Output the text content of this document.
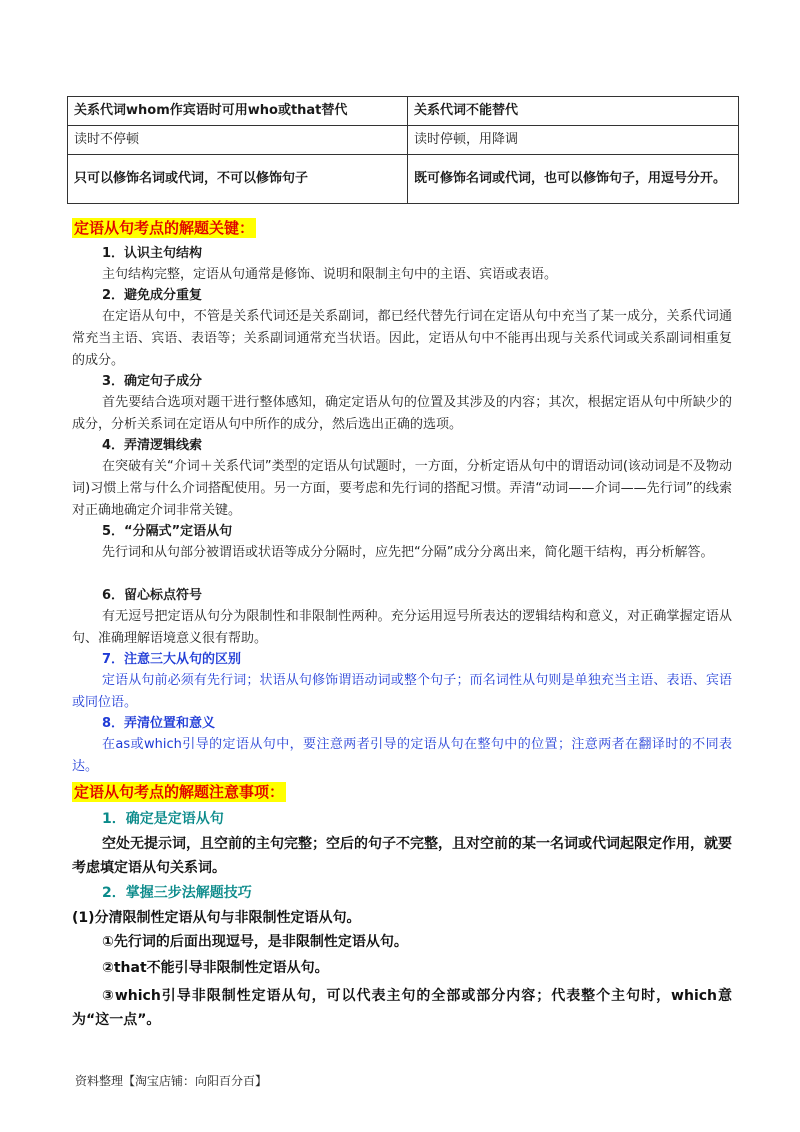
关系代词whom作宾语时可用who或that替代	关系代词不能替代
读时不停顿	读时停顿，用降调
只可以修饰名词或代词，不可以修饰句子	既可修饰名词或代词，也可以修饰句子，用逗号分开。
定语从句考点的解题关键：
1．认识主句结构
主句结构完整，定语从句通常是修饰、说明和限制主句中的主语、宾语或表语。
2．避免成分重复
在定语从句中，不管是关系代词还是关系副词，都已经代替先行词在定语从句中充当了某一成分，关系代词通常充当主语、宾语、表语等；关系副词通常充当状语。因此，定语从句中不能再出现与关系代词或关系副词相重复的成分。
3．确定句子成分
首先要结合选项对题干进行整体感知，确定定语从句的位置及其涉及的内容；其次，根据定语从句中所缺少的成分，分析关系词在定语从句中所作的成分，然后选出正确的选项。
4．弄清逻辑线索
在突破有关“介词＋关系代词”类型的定语从句试题时，一方面，分析定语从句中的谓语动词(该动词是不及物动词)习惯上常与什么介词搭配使用。另一方面，要考虑和先行词的搭配习惯。弄清“动词——介词——先行词”的线索对正确地确定介词非常关键。
5．“分隔式”定语从句
先行词和从句部分被谓语或状语等成分分隔时，应先把“分隔”成分分离出来，简化题干结构，再分析解答。
6．留心标点符号
有无逗号把定语从句分为限制性和非限制性两种。充分运用逗号所表达的逻辑结构和意义，对正确掌握定语从句、准确理解语境意义很有帮助。
7．注意三大从句的区别
定语从句前必须有先行词；状语从句修饰谓语动词或整个句子；而名词性从句则是单独充当主语、表语、宾语或同位语。
8．弄清位置和意义
在as或which引导的定语从句中，要注意两者引导的定语从句在整句中的位置；注意两者在翻译时的不同表达。
定语从句考点的解题注意事项：
1．确定是定语从句
空处无提示词，且空前的主句完整；空后的句子不完整，且对空前的某一名词或代词起限定作用，就要考虑填定语从句关系词。
2．掌握三步法解题技巧
(1)分清限制性定语从句与非限制性定语从句。
①先行词的后面出现逗号，是非限制性定语从句。
②that不能引导非限制性定语从句。
③which引导非限制性定语从句，可以代表主句的全部或部分内容；代表整个主句时，which意为“这一点”。
资料整理【淘宝店铺：向阳百分百】
